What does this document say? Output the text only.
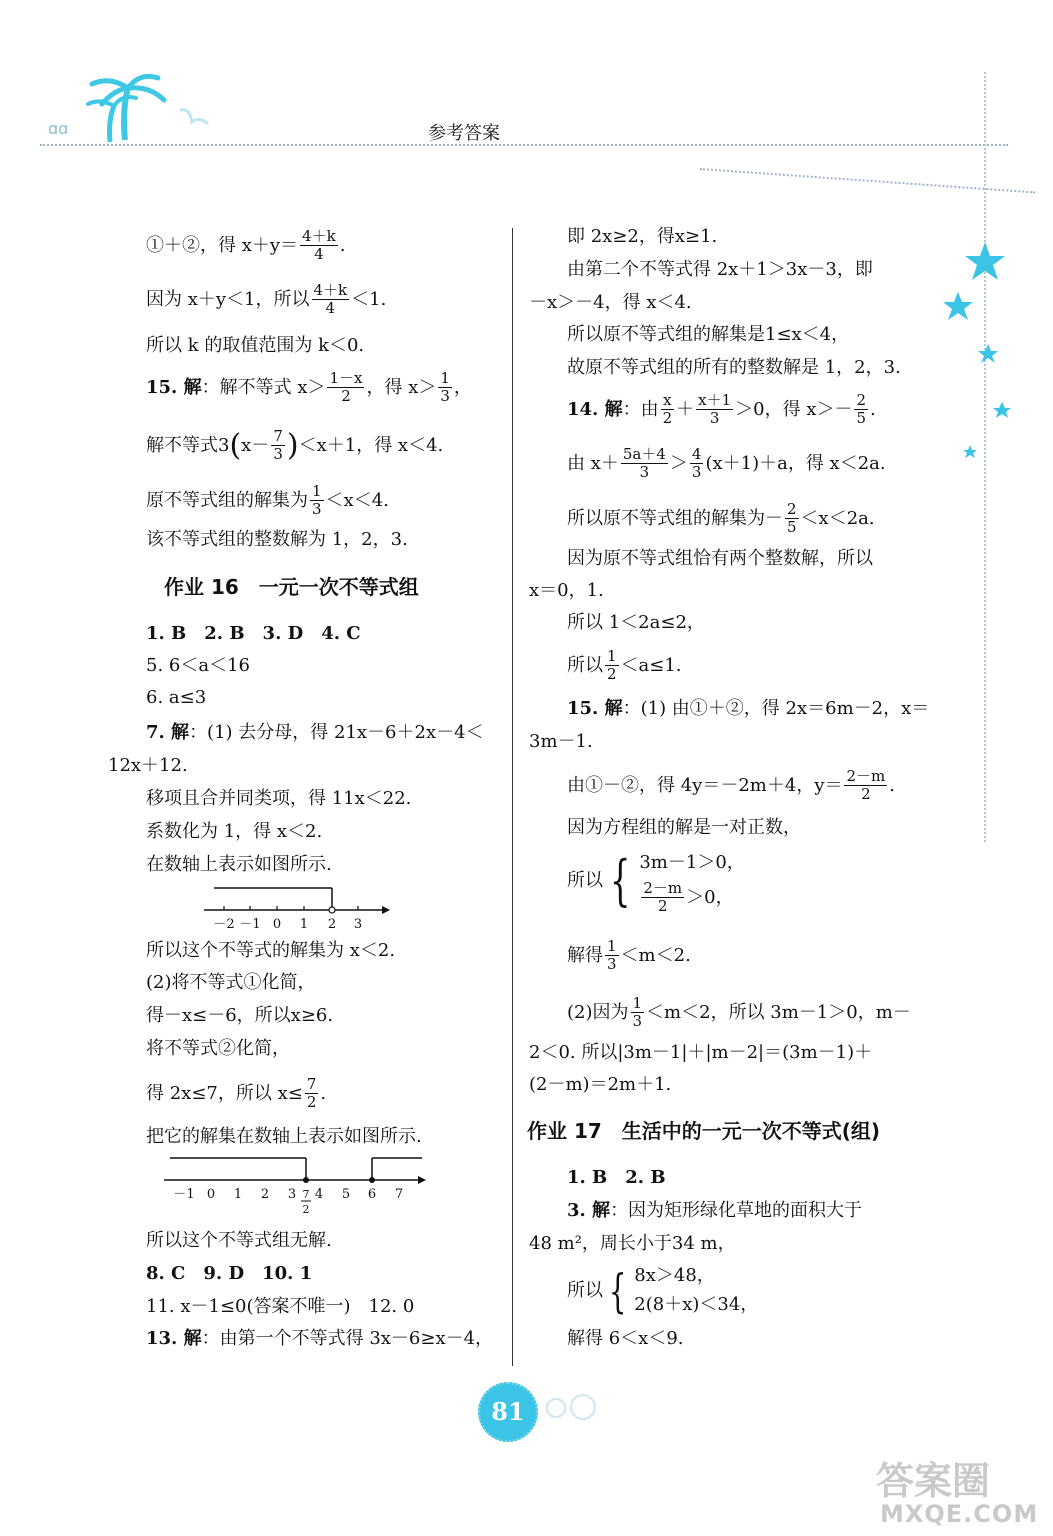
ɑɑ	参考答案
①＋②，得 $x+y= \frac{4+k}{4}$ .
因为 x＋y＜1，所以 $\frac{4+k}{4} <1$.
所以 k 的取值范围为 k＜0.
15. 解：解不等式 $x> \frac{1-x}{2}$ ，得 $x> \frac{1}{3}$ ，
解不等式$3(x- \frac{7}{3} )<x+1$，得 x＜4.
原不等式组的解集为 $\frac{1}{3} <x<4$.
该不等式组的整数解为 1，2，3.
作业 16　一元一次不等式组
1. B　2. B　3. D　4. C
5. 6＜a＜16
6. a≤3
7. 解：(1) 去分母，得 21x－6＋2x－4＜
12x＋12.
移项且合并同类项，得 11x＜22.
系数化为 1，得 x＜2.
在数轴上表示如图所示.
－2 －1 0 1 2 3
所以这个不等式的解集为 x＜2.
(2)将不等式①化简，
得－x≤－6，所以x≥6.
将不等式②化简，
得 2x≤7，所以 $x\le \frac{7}{2}$ .
把它的解集在数轴上表示如图所示.
－1 0 1 2 3 4 5 6 7
7
2
所以这个不等式组无解.
8. C　9. D　10. 1
11. x－1≤0(答案不唯一)　12. 0
13. 解：由第一个不等式得 3x－6≥x－4，
即 2x≥2，得x≥1.
由第二个不等式得 2x＋1＞3x－3，即
－x＞－4，得 x＜4.
所以原不等式组的解集是1≤x＜4，
故原不等式组的所有的整数解是 1，2，3.
14. 解：由 $\frac{x}{2} + \frac{x+1}{3} >0$，得 $x>- \frac{2}{5}$ .
由 $x+ \frac{5a+4}{3} > \frac{4}{3} (x+1)+a$，得 x＜2a.
所以原不等式组的解集为－ $\frac{2}{5} <x<2a$.
因为原不等式组恰有两个整数解，所以
x＝0，1.
所以 1＜2a≤2，
所以 $\frac{1}{2} <a\le 1$.
15. 解：(1) 由①＋②，得 2x＝6m－2，x＝
3m－1.
由①－②，得 4y＝－2m＋4，$y= \frac{2-m}{2}$ .
因为方程组的解是一对正数，
所以 { 3m－1＞0，
$\frac{2-m}{2} >0$，
解得 $\frac{1}{3} <m<2$.
(2)因为 $\frac{1}{3} <m<2$，所以 3m－1＞0，m－
2＜0. 所以|3m－1|＋|m－2|＝(3m－1)＋
(2－m)＝2m＋1.
作业 17　生活中的一元一次不等式(组)
1. B　2. B
3. 解：因为矩形绿化草地的面积大于
48 m²，周长小于34 m，
所以 { 8x＞48，
2(8＋x)＜34，
解得 6＜x＜9.
81
答案圈
MXQE.COM
